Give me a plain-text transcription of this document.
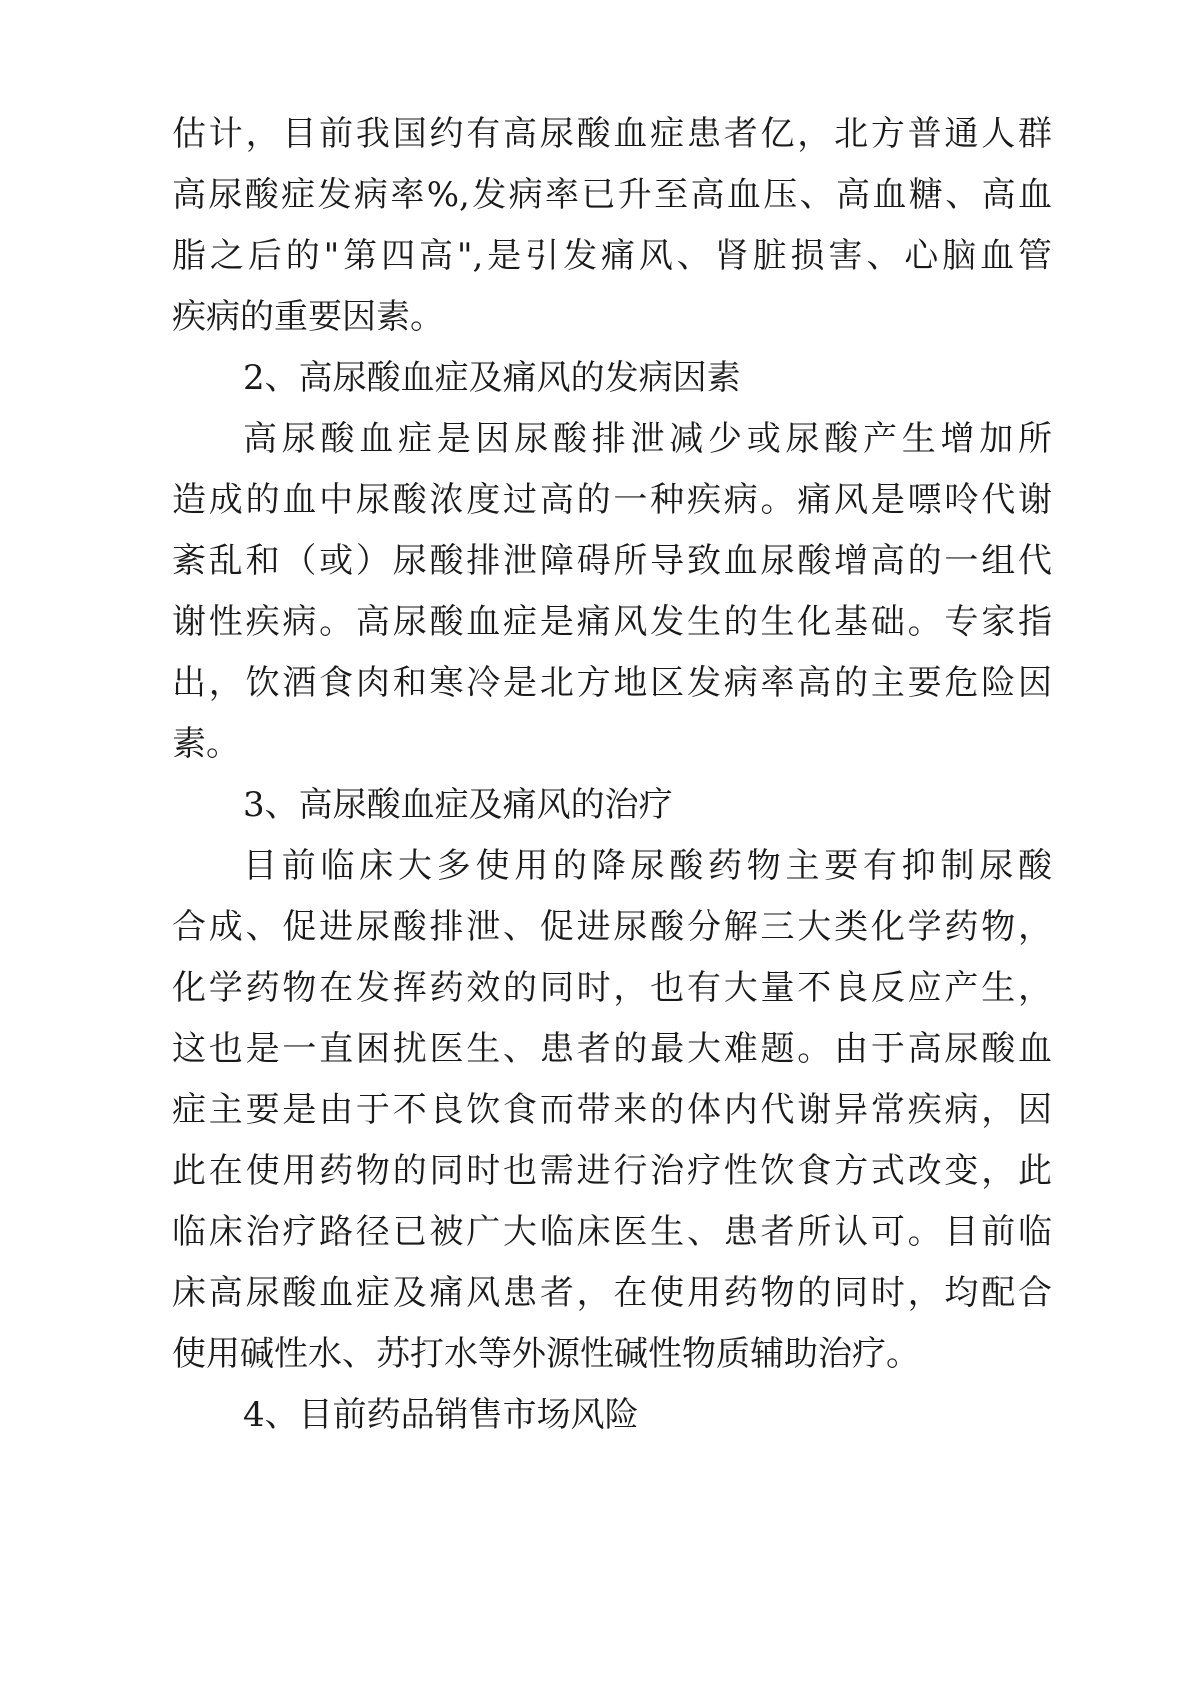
估计，目前我国约有高尿酸血症患者亿，北方普通人群

高尿酸症发病率%,发病率已升至高血压、高血糖、高血

脂之后的"第四高",是引发痛风、肾脏损害、心脑血管

疾病的重要因素。

2、高尿酸血症及痛风的发病因素

高尿酸血症是因尿酸排泄减少或尿酸产生增加所

造成的血中尿酸浓度过高的一种疾病。痛风是嘌呤代谢

紊乱和（或）尿酸排泄障碍所导致血尿酸增高的一组代

谢性疾病。高尿酸血症是痛风发生的生化基础。专家指

出，饮酒食肉和寒冷是北方地区发病率高的主要危险因

素。

3、高尿酸血症及痛风的治疗

目前临床大多使用的降尿酸药物主要有抑制尿酸

合成、促进尿酸排泄、促进尿酸分解三大类化学药物，

化学药物在发挥药效的同时，也有大量不良反应产生，

这也是一直困扰医生、患者的最大难题。由于高尿酸血

症主要是由于不良饮食而带来的体内代谢异常疾病，因

此在使用药物的同时也需进行治疗性饮食方式改变，此

临床治疗路径已被广大临床医生、患者所认可。目前临

床高尿酸血症及痛风患者，在使用药物的同时，均配合

使用碱性水、苏打水等外源性碱性物质辅助治疗。

4、目前药品销售市场风险
